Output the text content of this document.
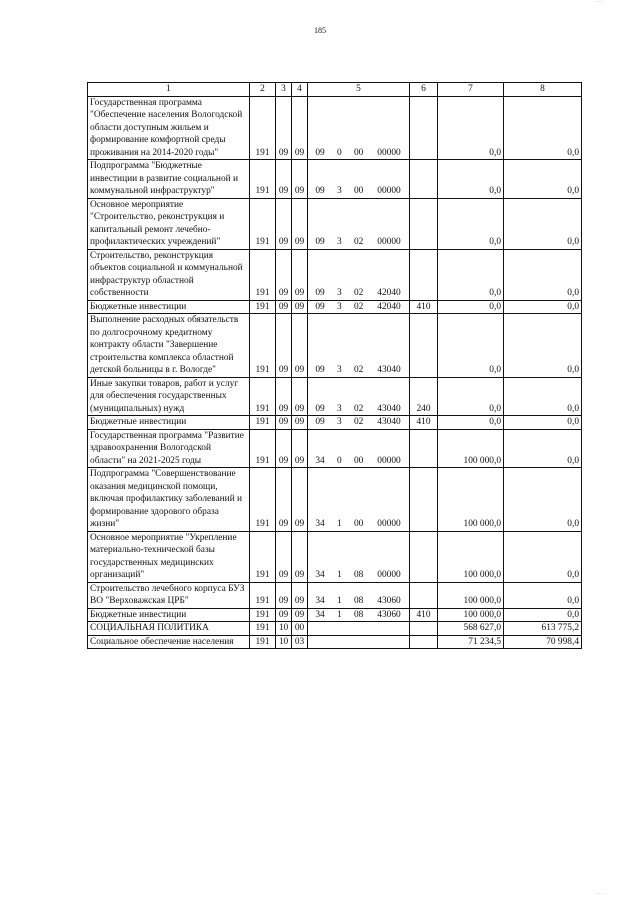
185
1	2	3	4	5	6	7	8
Государственная программа "Обеспечение населения Вологодской области доступным жильем и формирование комфортной среды проживания на 2014-2020 годы"	191	09	09	09 0 00 00000		0,0	0,0
Подпрограмма "Бюджетные инвестиции в развитие социальной и коммунальной инфраструктур"	191	09	09	09 3 00 00000		0,0	0,0
Основное мероприятие "Строительство, реконструкция и капитальный ремонт лечебно-профилактических учреждений"	191	09	09	09 3 02 00000		0,0	0,0
Строительство, реконструкция объектов социальной и коммунальной инфраструктур областной собственности	191	09	09	09 3 02 42040		0,0	0,0
Бюджетные инвестиции	191	09	09	09 3 02 42040	410	0,0	0,0
Выполнение расходных обязательств по долгосрочному кредитному контракту области "Завершение строительства комплекса областной детской больницы в г. Вологде"	191	09	09	09 3 02 43040		0,0	0,0
Иные закупки товаров, работ и услуг для обеспечения государственных (муниципальных) нужд	191	09	09	09 3 02 43040	240	0,0	0,0
Бюджетные инвестиции	191	09	09	09 3 02 43040	410	0,0	0,0
Государственная программа "Развитие здравоохранения Вологодской области" на 2021-2025 годы	191	09	09	34 0 00 00000		100 000,0	0,0
Подпрограмма "Совершенствование оказания медицинской помощи, включая профилактику заболеваний и формирование здорового образа жизни"	191	09	09	34 1 00 00000		100 000,0	0,0
Основное мероприятие "Укрепление материально-технической базы государственных медицинских организаций"	191	09	09	34 1 08 00000		100 000,0	0,0
Строительство лечебного корпуса БУЗ ВО "Верховажская ЦРБ"	191	09	09	34 1 08 43060		100 000,0	0,0
Бюджетные инвестиции	191	09	09	34 1 08 43060	410	100 000,0	0,0
СОЦИАЛЬНАЯ ПОЛИТИКА	191	10	00			568 627,0	613 775,2
Социальное обеспечение населения	191	10	03			71 234,5	70 998,4
·· ·
· ·· ·
